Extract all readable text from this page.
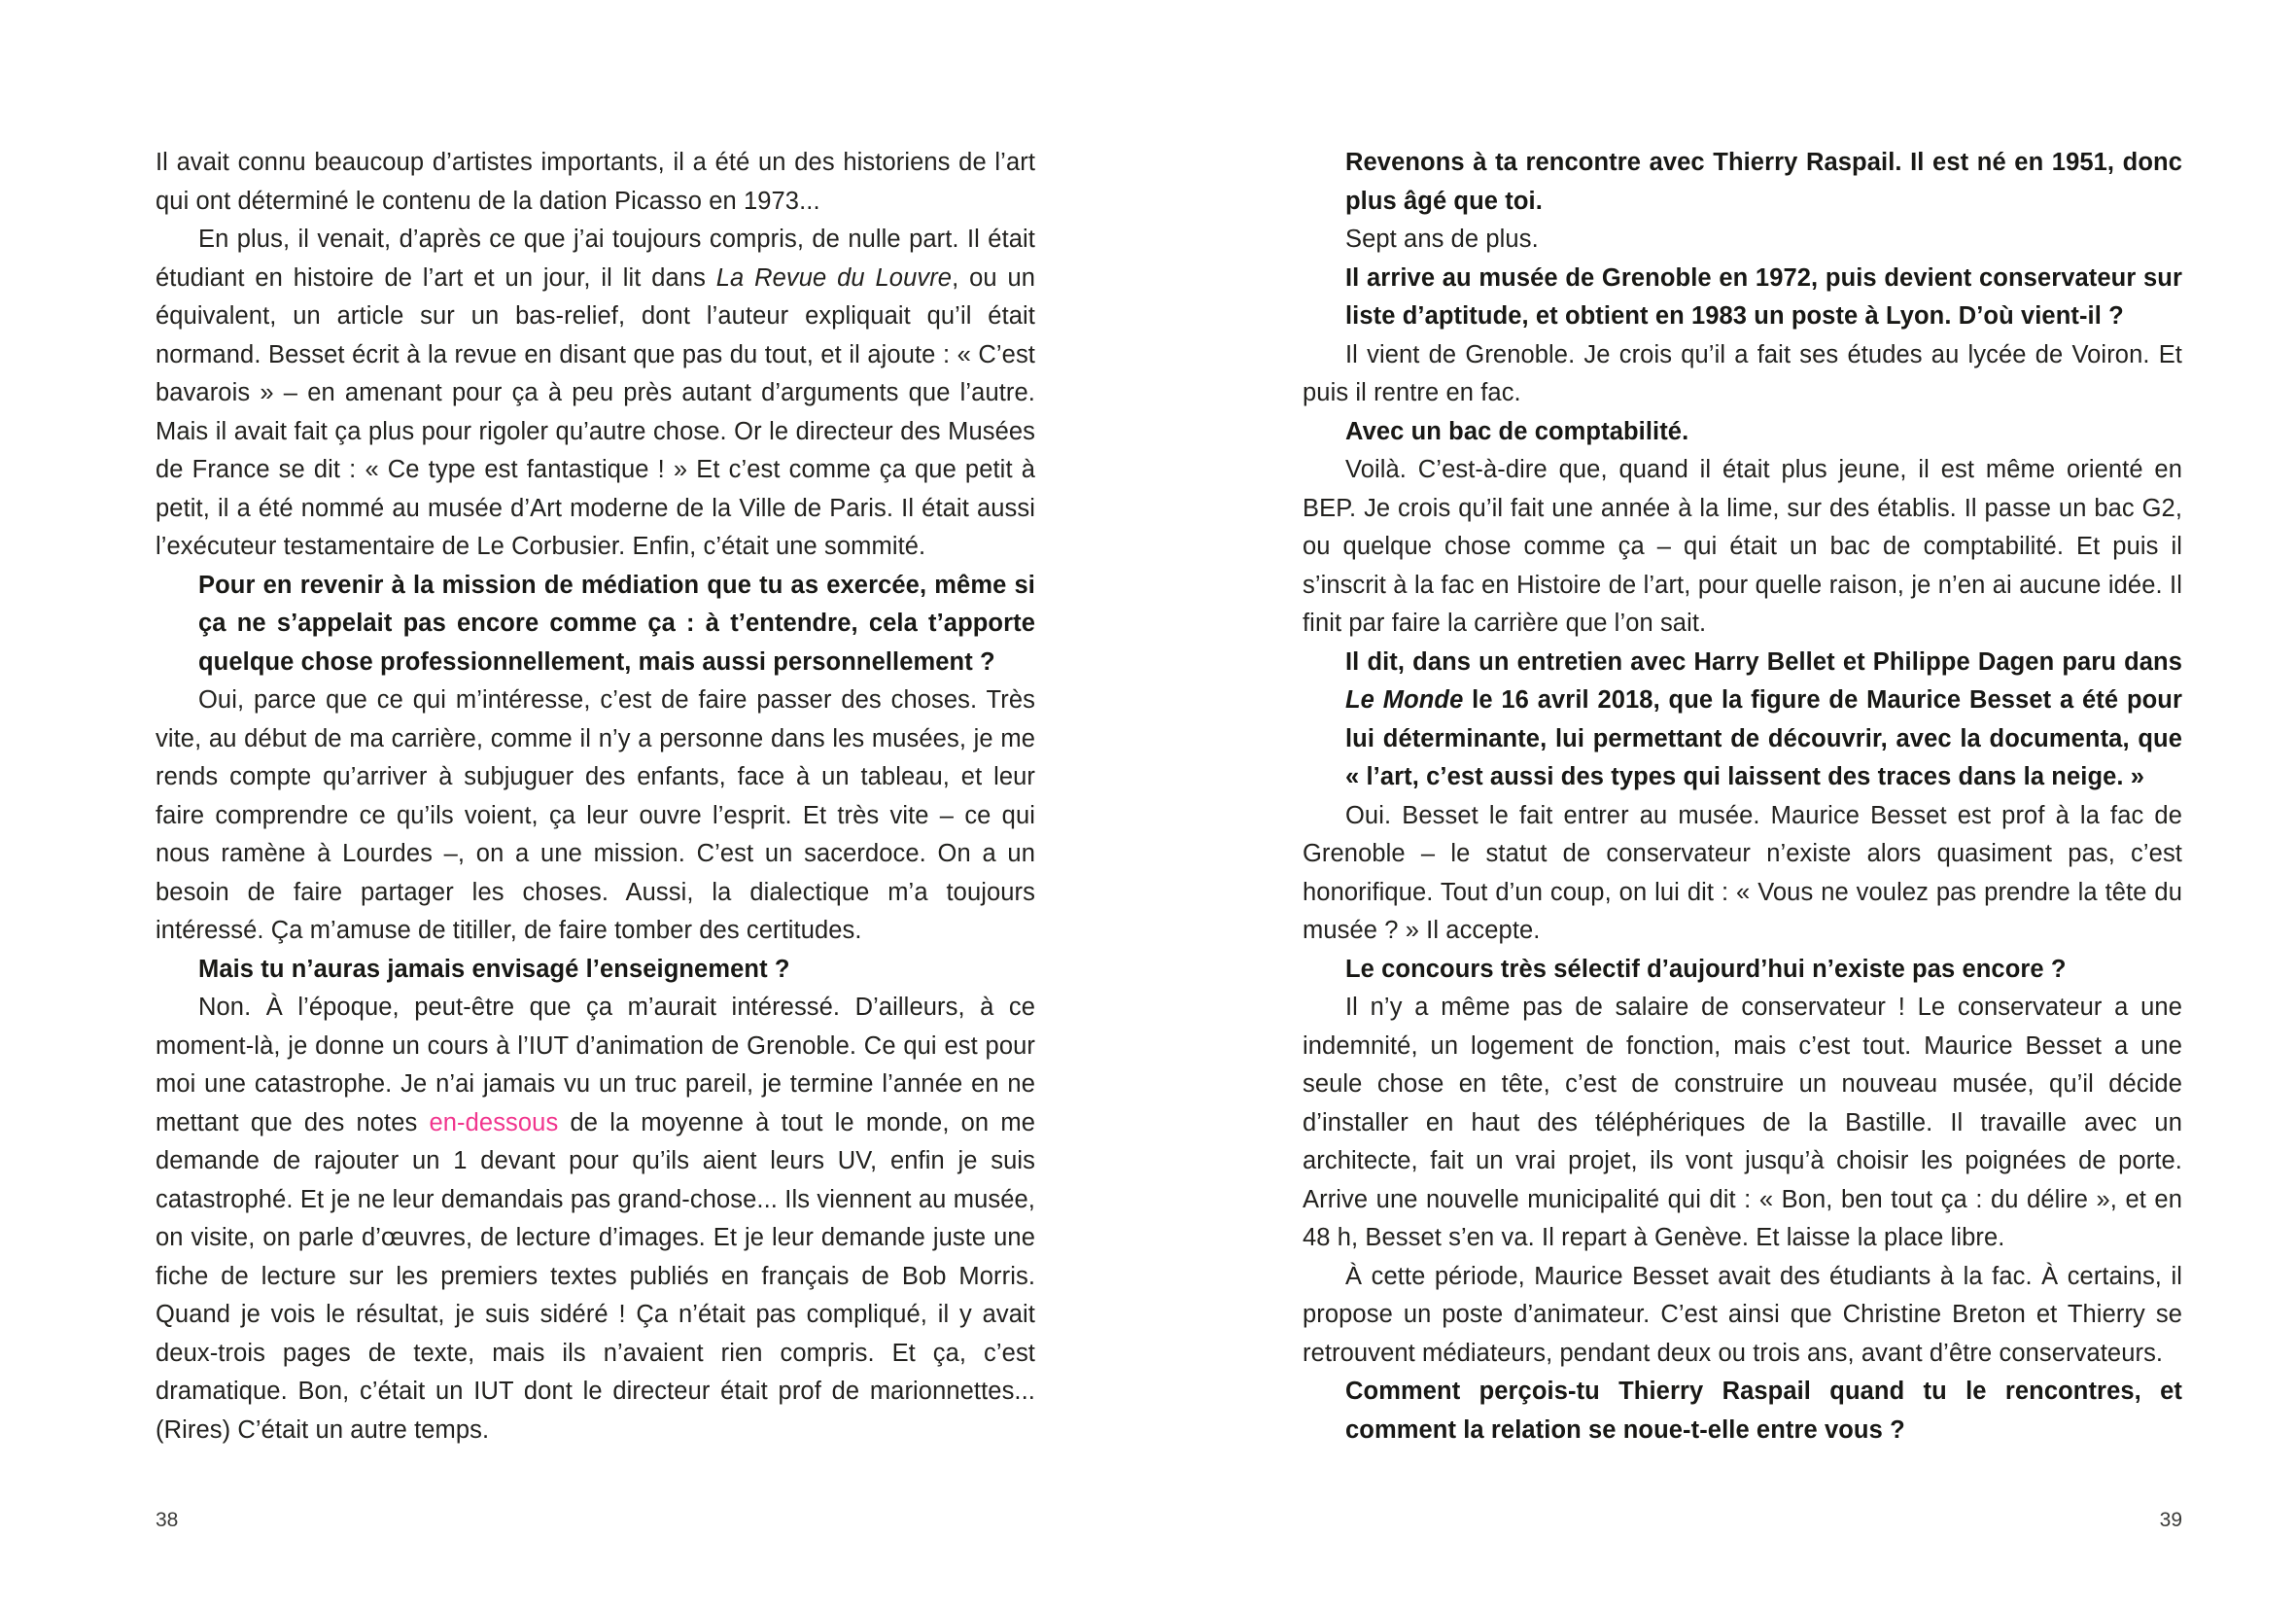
Il avait connu beaucoup d’artistes importants, il a été un des historiens de l’art qui ont déterminé le contenu de la dation Picasso en 1973...

En plus, il venait, d’après ce que j’ai toujours compris, de nulle part. Il était étudiant en histoire de l’art et un jour, il lit dans La Revue du Louvre, ou un équivalent, un article sur un bas-relief, dont l’auteur expliquait qu’il était normand. Besset écrit à la revue en disant que pas du tout, et il ajoute : « C’est bavarois » – en amenant pour ça à peu près autant d’arguments que l’autre. Mais il avait fait ça plus pour rigoler qu’autre chose. Or le directeur des Musées de France se dit : « Ce type est fantastique ! » Et c’est comme ça que petit à petit, il a été nommé au musée d’Art moderne de la Ville de Paris. Il était aussi l’exécuteur testamentaire de Le Corbusier. Enfin, c’était une sommité.

Pour en revenir à la mission de médiation que tu as exercée, même si ça ne s’appelait pas encore comme ça : à t’entendre, cela t’apporte quelque chose professionnellement, mais aussi personnellement ?

Oui, parce que ce qui m’intéresse, c’est de faire passer des choses. Très vite, au début de ma carrière, comme il n’y a personne dans les musées, je me rends compte qu’arriver à subjuguer des enfants, face à un tableau, et leur faire comprendre ce qu’ils voient, ça leur ouvre l’esprit. Et très vite – ce qui nous ramène à Lourdes –, on a une mission. C’est un sacerdoce. On a un besoin de faire partager les choses. Aussi, la dialectique m’a toujours intéressé. Ça m’amuse de titiller, de faire tomber des certitudes.

Mais tu n’auras jamais envisagé l’enseignement ?

Non. À l’époque, peut-être que ça m’aurait intéressé. D’ailleurs, à ce moment-là, je donne un cours à l’IUT d’animation de Grenoble. Ce qui est pour moi une catastrophe. Je n’ai jamais vu un truc pareil, je termine l’année en ne mettant que des notes en-dessous de la moyenne à tout le monde, on me demande de rajouter un 1 devant pour qu’ils aient leurs UV, enfin je suis catastrophé. Et je ne leur demandais pas grand-chose... Ils viennent au musée, on visite, on parle d’œuvres, de lecture d’images. Et je leur demande juste une fiche de lecture sur les premiers textes publiés en français de Bob Morris. Quand je vois le résultat, je suis sidéré ! Ça n’était pas compliqué, il y avait deux-trois pages de texte, mais ils n’avaient rien compris. Et ça, c’est dramatique. Bon, c’était un IUT dont le directeur était prof de marionnettes... (Rires) C’était un autre temps.

Revenons à ta rencontre avec Thierry Raspail. Il est né en 1951, donc plus âgé que toi.

Sept ans de plus.

Il arrive au musée de Grenoble en 1972, puis devient conservateur sur liste d’aptitude, et obtient en 1983 un poste à Lyon. D’où vient-il ?

Il vient de Grenoble. Je crois qu’il a fait ses études au lycée de Voiron. Et puis il rentre en fac.

Avec un bac de comptabilité.

Voilà. C’est-à-dire que, quand il était plus jeune, il est même orienté en BEP. Je crois qu’il fait une année à la lime, sur des établis. Il passe un bac G2, ou quelque chose comme ça – qui était un bac de comptabilité. Et puis il s’inscrit à la fac en Histoire de l’art, pour quelle raison, je n’en ai aucune idée. Il finit par faire la carrière que l’on sait.

Il dit, dans un entretien avec Harry Bellet et Philippe Dagen paru dans Le Monde le 16 avril 2018, que la figure de Maurice Besset a été pour lui déterminante, lui permettant de découvrir, avec la documenta, que « l’art, c’est aussi des types qui laissent des traces dans la neige. »

Oui. Besset le fait entrer au musée. Maurice Besset est prof à la fac de Grenoble – le statut de conservateur n’existe alors quasiment pas, c’est honorifique. Tout d’un coup, on lui dit : « Vous ne voulez pas prendre la tête du musée ? » Il accepte.

Le concours très sélectif d’aujourd’hui n’existe pas encore ?

Il n’y a même pas de salaire de conservateur ! Le conservateur a une indemnité, un logement de fonction, mais c’est tout. Maurice Besset a une seule chose en tête, c’est de construire un nouveau musée, qu’il décide d’installer en haut des téléphériques de la Bastille. Il travaille avec un architecte, fait un vrai projet, ils vont jusqu’à choisir les poignées de porte. Arrive une nouvelle municipalité qui dit : « Bon, ben tout ça : du délire », et en 48 h, Besset s’en va. Il repart à Genève. Et laisse la place libre.

À cette période, Maurice Besset avait des étudiants à la fac. À certains, il propose un poste d’animateur. C’est ainsi que Christine Breton et Thierry se retrouvent médiateurs, pendant deux ou trois ans, avant d’être conservateurs.

Comment perçois-tu Thierry Raspail quand tu le rencontres, et comment la relation se noue-t-elle entre vous ?

38	39
